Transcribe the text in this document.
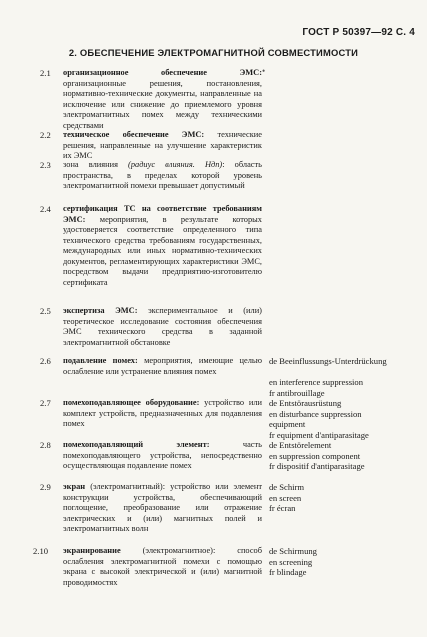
ГОСТ Р 50397—92 С. 4
2. ОБЕСПЕЧЕНИЕ ЭЛЕКТРОМАГНИТНОЙ СОВМЕСТИМОСТИ
2.1 организационное обеспечение ЭМС: организационные решения, постановления, нормативно-технические документы, направленные на исключение или снижение до приемлемого уровня электромагнитных помех между техническими средствами
•
2.2 техническое обеспечение ЭМС: технические решения, направленные на улучшение характеристик их ЭМС
2.3 зона влияния (радиус влияния. Ндп): область пространства, в пределах которой уровень электромагнитной помехи превышает допустимый
2.4 сертификация ТС на соответствие требованиям ЭМС: мероприятия, в результате которых удостоверяется соответствие определенного типа технического средства требованиям государственных, международных или иных нормативно-технических документов, регламентирующих характеристики ЭМС, посредством выдачи предприятию-изготовителю сертификата
2.5 экспертиза ЭМС: экспериментальное и (или) теоретическое исследование состояния обеспечения ЭМС технического средства в заданной электромагнитной обстановке
2.6 подавление помех: мероприятия, имеющие целью ослабление или устранение влияния помех
de Beeinflussungs-Unterdrückung

en interference suppression
fr antibrouillage
2.7 помехоподавляющее оборудование: устройство или комплект устройств, предназначенных для подавления помех
de Entstörausrüstung
en disturbance suppression equipment
fr equipment d'antiparasitage
2.8 помехоподавляющий элемент: часть помехоподавляющего устройства, непосредственно осуществляющая подавление помех
de Entstörelement
en suppression component
fr dispositif d'antiparasitage
2.9 экран (электромагнитный): устройство или элемент конструкции устройства, обеспечивающий поглощение, преобразование или отражение электрических и (или) магнитных полей и электромагнитных волн
de Schirm
en screen
fr écran
2.10 экранирование (электромагнитное): способ ослабления электромагнитной помехи с помощью экрана с высокой электрической и (или) магнитной проводимостях
de Schirmung
en screening
fr blindage
